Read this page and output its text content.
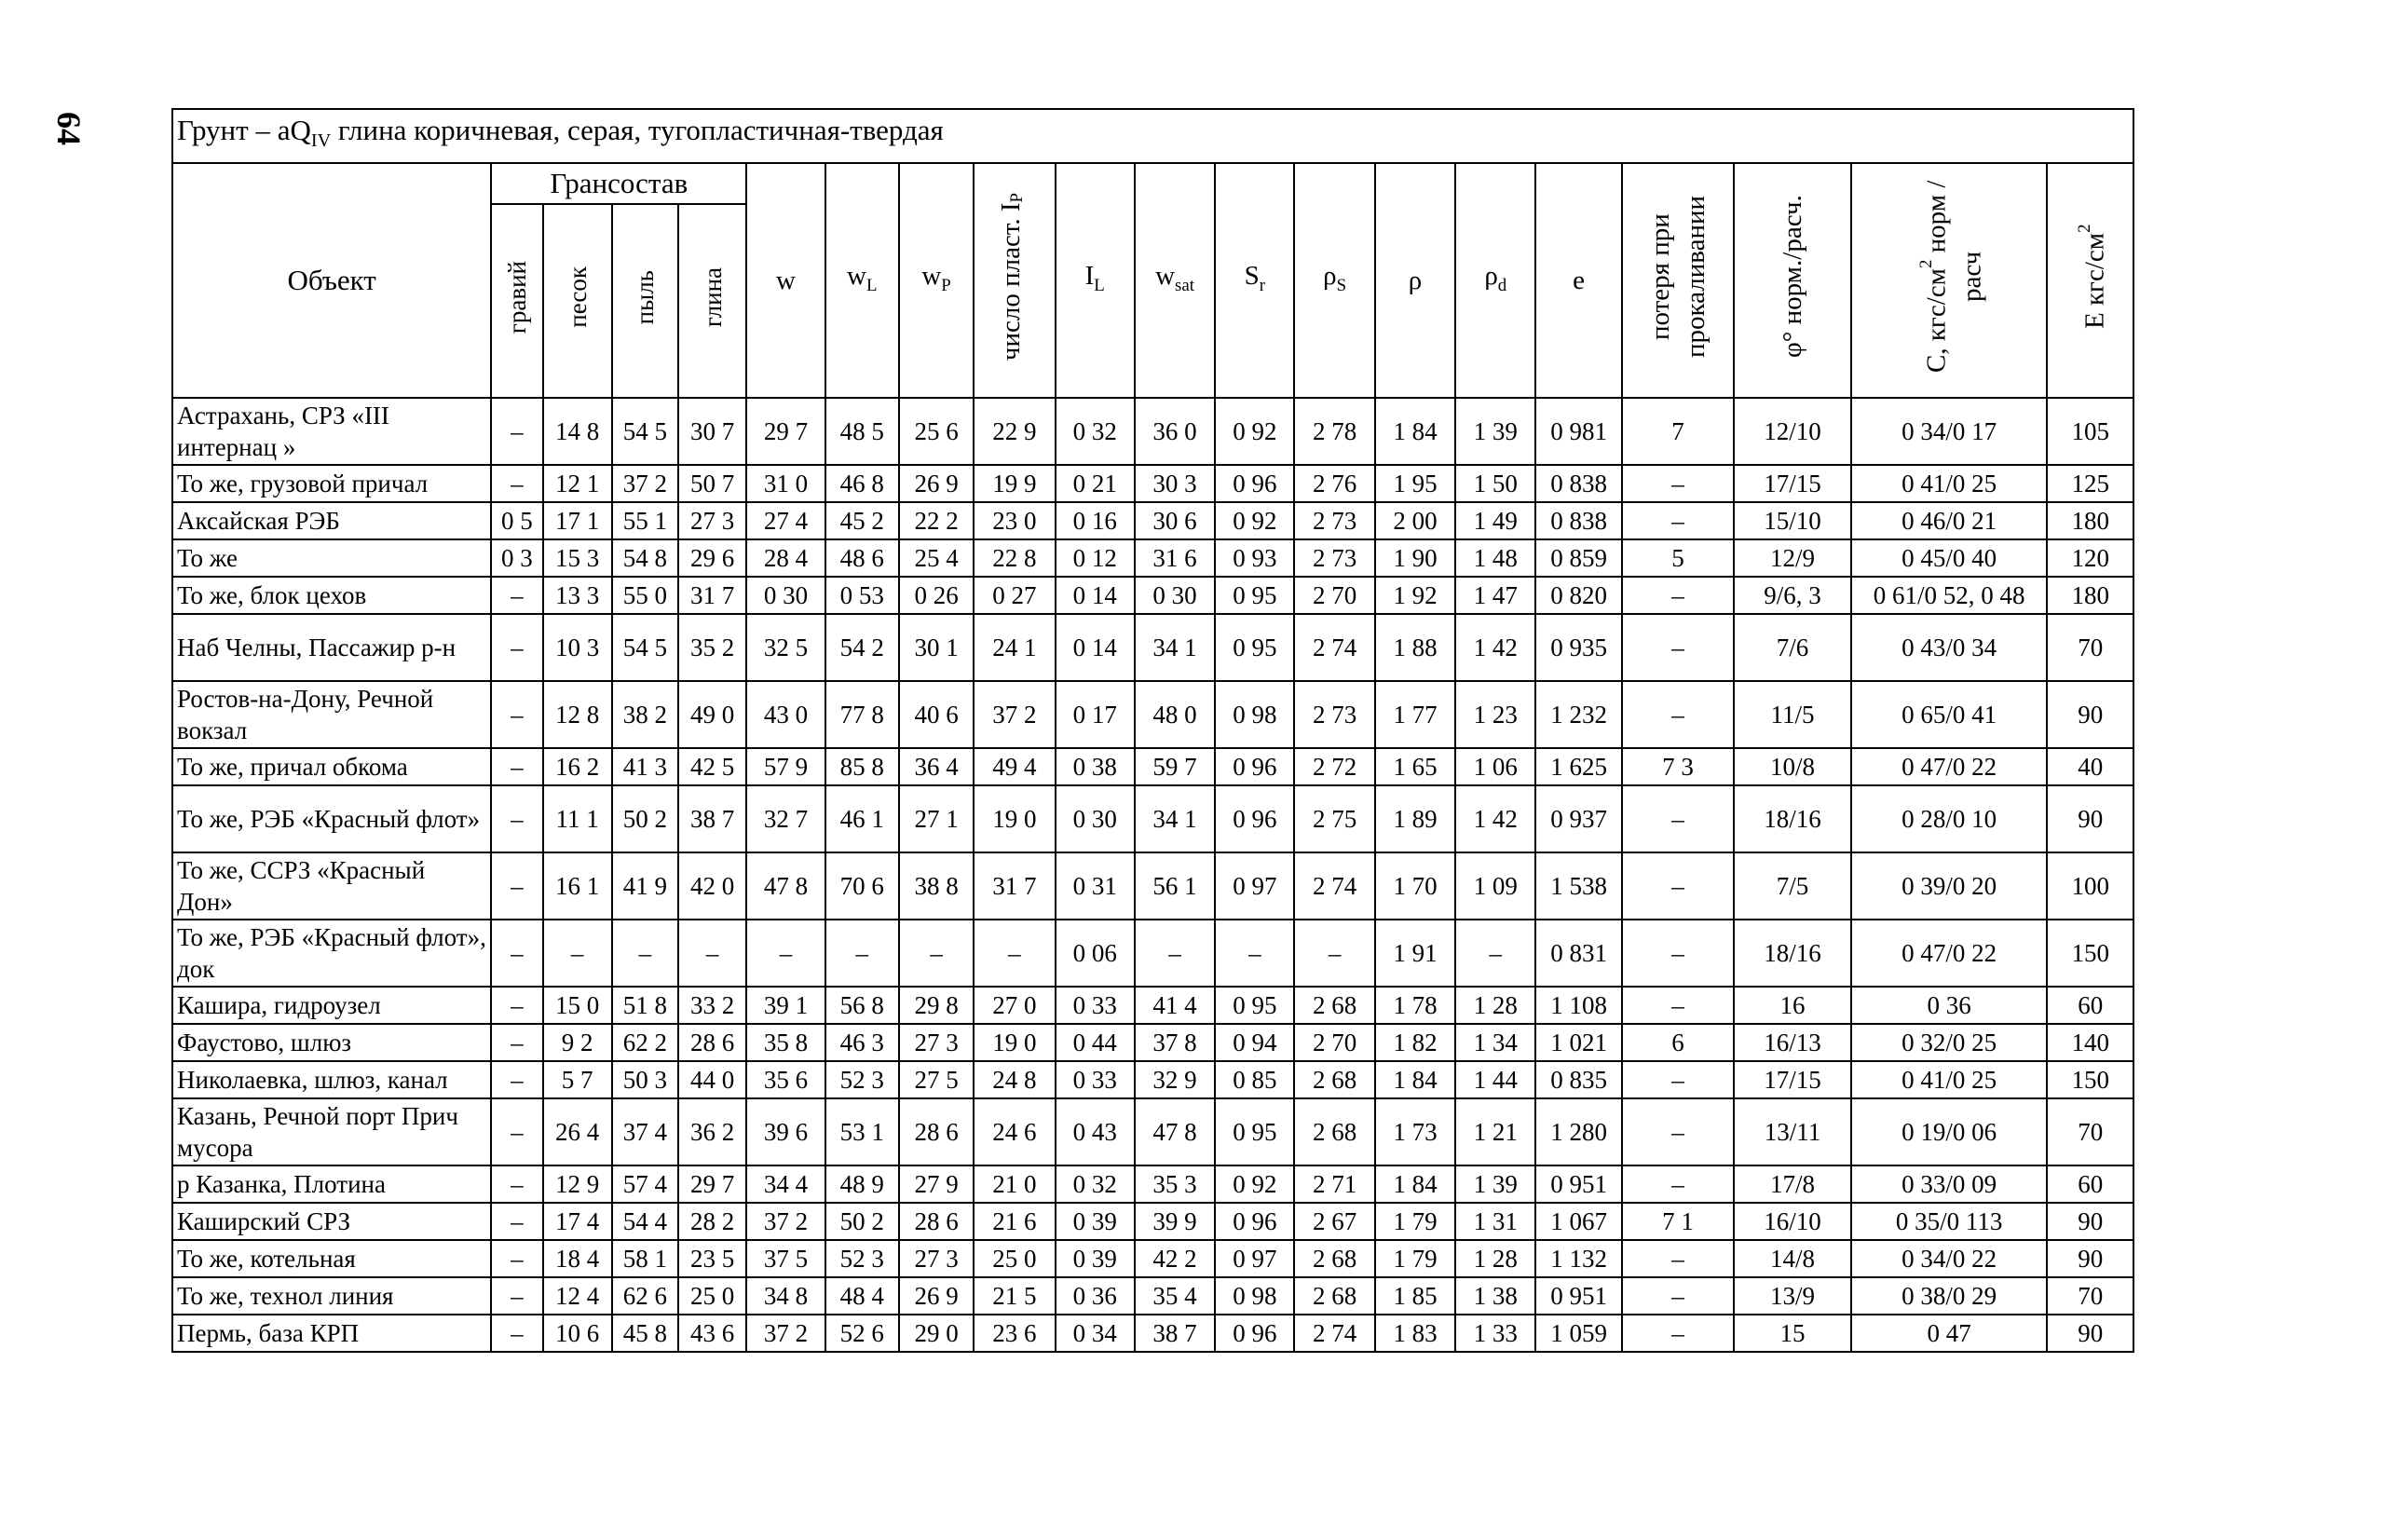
64	Грунт – $aQ_{IV}$ глина коричневая, серая, тугопластичная-твердая																			
Объект	Грансостав				w	$w_L$	$w_P$	число пласт. $I_P$	$I_L$	$w_{sat}$	$S_r$	$\rho_S$	ρ	$\rho_d$	e	потеря при прокаливании	φ° норм./расч.	С, кгс/$см^2$ норм /расч	E кгс/$см^2$
	гравий	песок	пыль	глина															
Астрахань, СРЗ «III интернац »	–	14 8	54 5	30 7	29 7	48 5	25 6	22 9	0 32	36 0	0 92	2 78	1 84	1 39	0 981	7	12/10	0 34/0 17	105
То же, грузовой причал	–	12 1	37 2	50 7	31 0	46 8	26 9	19 9	0 21	30 3	0 96	2 76	1 95	1 50	0 838	–	17/15	0 41/0 25	125
Аксайская РЭБ	0 5	17 1	55 1	27 3	27 4	45 2	22 2	23 0	0 16	30 6	0 92	2 73	2 00	1 49	0 838	–	15/10	0 46/0 21	180
То же	0 3	15 3	54 8	29 6	28 4	48 6	25 4	22 8	0 12	31 6	0 93	2 73	1 90	1 48	0 859	5	12/9	0 45/0 40	120
То же, блок цехов	–	13 3	55 0	31 7	0 30	0 53	0 26	0 27	0 14	0 30	0 95	2 70	1 92	1 47	0 820	–	9/6, 3	0 61/0 52, 0 48	180
Наб Челны, Пассажир р-н	–	10 3	54 5	35 2	32 5	54 2	30 1	24 1	0 14	34 1	0 95	2 74	1 88	1 42	0 935	–	7/6	0 43/0 34	70
Ростов-на-Дону, Речной вокзал	–	12 8	38 2	49 0	43 0	77 8	40 6	37 2	0 17	48 0	0 98	2 73	1 77	1 23	1 232	–	11/5	0 65/0 41	90
То же, причал обкома	–	16 2	41 3	42 5	57 9	85 8	36 4	49 4	0 38	59 7	0 96	2 72	1 65	1 06	1 625	7 3	10/8	0 47/0 22	40
То же, РЭБ «Красный флот»	–	11 1	50 2	38 7	32 7	46 1	27 1	19 0	0 30	34 1	0 96	2 75	1 89	1 42	0 937	–	18/16	0 28/0 10	90
То же, ССРЗ «Красный Дон»	–	16 1	41 9	42 0	47 8	70 6	38 8	31 7	0 31	56 1	0 97	2 74	1 70	1 09	1 538	–	7/5	0 39/0 20	100
То же, РЭБ «Красный флот», док	–	–	–	–	–	–	–	–	0 06	–	–	–	1 91	–	0 831	–	18/16	0 47/0 22	150
Кашира, гидроузел	–	15 0	51 8	33 2	39 1	56 8	29 8	27 0	0 33	41 4	0 95	2 68	1 78	1 28	1 108	–	16	0 36	60
Фаустово, шлюз	–	9 2	62 2	28 6	35 8	46 3	27 3	19 0	0 44	37 8	0 94	2 70	1 82	1 34	1 021	6	16/13	0 32/0 25	140
Николаевка, шлюз, канал	–	5 7	50 3	44 0	35 6	52 3	27 5	24 8	0 33	32 9	0 85	2 68	1 84	1 44	0 835	–	17/15	0 41/0 25	150
Казань, Речной порт Прич мусора	–	26 4	37 4	36 2	39 6	53 1	28 6	24 6	0 43	47 8	0 95	2 68	1 73	1 21	1 280	–	13/11	0 19/0 06	70
р Казанка, Плотина	–	12 9	57 4	29 7	34 4	48 9	27 9	21 0	0 32	35 3	0 92	2 71	1 84	1 39	0 951	–	17/8	0 33/0 09	60
Каширский СРЗ	–	17 4	54 4	28 2	37 2	50 2	28 6	21 6	0 39	39 9	0 96	2 67	1 79	1 31	1 067	7 1	16/10	0 35/0 113	90
То же, котельная	–	18 4	58 1	23 5	37 5	52 3	27 3	25 0	0 39	42 2	0 97	2 68	1 79	1 28	1 132	–	14/8	0 34/0 22	90
То же, технол линия	–	12 4	62 6	25 0	34 8	48 4	26 9	21 5	0 36	35 4	0 98	2 68	1 85	1 38	0 951	–	13/9	0 38/0 29	70
Пермь, база КРП	–	10 6	45 8	43 6	37 2	52 6	29 0	23 6	0 34	38 7	0 96	2 74	1 83	1 33	1 059	–	15	0 47	90
